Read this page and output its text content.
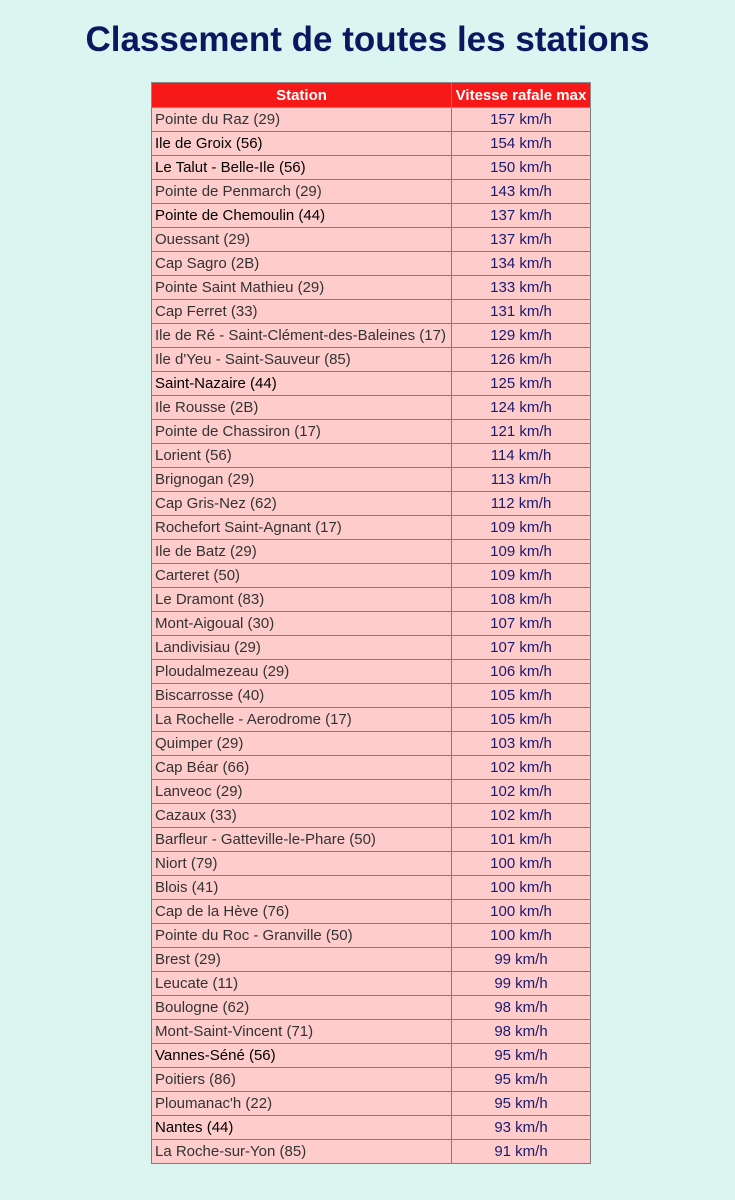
Classement de toutes les stations
Station	Vitesse rafale max
Pointe du Raz (29)	157 km/h
Ile de Groix (56)	154 km/h
Le Talut - Belle-Ile (56)	150 km/h
Pointe de Penmarch (29)	143 km/h
Pointe de Chemoulin (44)	137 km/h
Ouessant (29)	137 km/h
Cap Sagro (2B)	134 km/h
Pointe Saint Mathieu (29)	133 km/h
Cap Ferret (33)	131 km/h
Ile de Ré - Saint-Clément-des-Baleines (17)	129 km/h
Ile d'Yeu - Saint-Sauveur (85)	126 km/h
Saint-Nazaire (44)	125 km/h
Ile Rousse (2B)	124 km/h
Pointe de Chassiron (17)	121 km/h
Lorient (56)	114 km/h
Brignogan (29)	113 km/h
Cap Gris-Nez (62)	112 km/h
Rochefort Saint-Agnant (17)	109 km/h
Ile de Batz (29)	109 km/h
Carteret (50)	109 km/h
Le Dramont (83)	108 km/h
Mont-Aigoual (30)	107 km/h
Landivisiau (29)	107 km/h
Ploudalmezeau (29)	106 km/h
Biscarrosse (40)	105 km/h
La Rochelle - Aerodrome (17)	105 km/h
Quimper (29)	103 km/h
Cap Béar (66)	102 km/h
Lanveoc (29)	102 km/h
Cazaux (33)	102 km/h
Barfleur - Gatteville-le-Phare (50)	101 km/h
Niort (79)	100 km/h
Blois (41)	100 km/h
Cap de la Hève (76)	100 km/h
Pointe du Roc - Granville (50)	100 km/h
Brest (29)	99 km/h
Leucate (11)	99 km/h
Boulogne (62)	98 km/h
Mont-Saint-Vincent (71)	98 km/h
Vannes-Séné (56)	95 km/h
Poitiers (86)	95 km/h
Ploumanac'h (22)	95 km/h
Nantes (44)	93 km/h
La Roche-sur-Yon (85)	91 km/h
